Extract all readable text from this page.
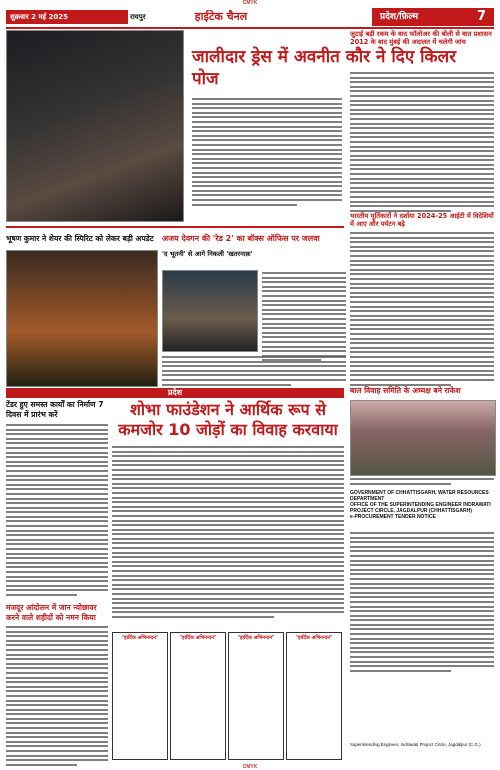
CMYK
शुक्रवार 2 मई 2025	रायपुर	हाईटेक चैनल	प्रदेश/फ़िल्म	7
जालीदार ड्रेस में अवनीत कौर ने दिए किलर पोज
जुटाई बड़ी रकम के बाद फॉलोअर की बोली से बात प्रशासन 2012 के बाद मुंबई की अदालत में चलेगी जांच
भारतीय मूर्तिकारों ने दर्शाया 2024-25 आईटी में विदेशियों में आए और पर्यटन बढ़े
भूषण कुमार ने शेयर की स्पिरिट को लेकर बड़ी अपडेट	अजय देवगन की 'रेड 2' का बॉक्स ऑफिस पर जलवा
'द भूतनी' से आगे निकली 'खतरनाक़'
प्रदेश
टेंडर हुए समस्त कार्यों का निर्माण 7 दिवस में प्रारंभ करें
मजदूर आंदोलन में जान न्योछावर करने वाले शहीदों को नमन किया
शोभा फाउंडेशन ने आर्थिक रूप से कमजोर 10 जोड़ों का विवाह करवाया
"हार्दिक अभिनन्दन"	"हार्दिक अभिनन्दन"	"हार्दिक अभिनन्दन"	"हार्दिक अभिनन्दन"
बाल विवाह समिति के अध्यक्ष बने राकेश
GOVERNMENT OF CHHATTISGARH, WATER RESOURCES DEPARTMENT
OFFICE OF THE SUPERINTENDING ENGINEER INDRAWATI PROJECT CIRCLE, JAGDALPUR (CHHATTISGARH)
e-PROCUREMENT TENDER NOTICE
Superintending Engineer, Indrawati Project Circle, Jagdalpur (C.G.)
CMYK
